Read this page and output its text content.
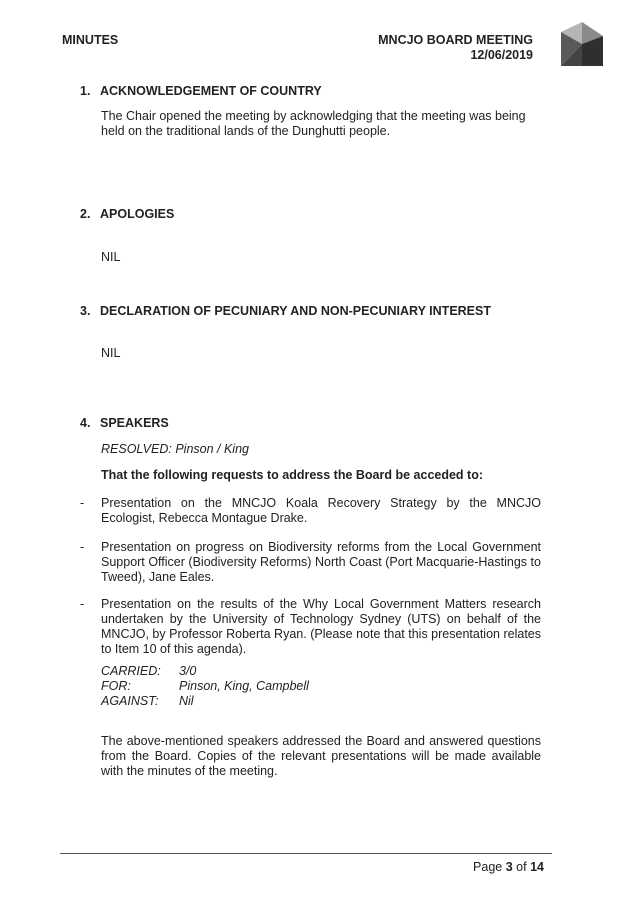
MINUTES	MNCJO BOARD MEETING
12/06/2019
1. ACKNOWLEDGEMENT OF COUNTRY
The Chair opened the meeting by acknowledging that the meeting was being held on the traditional lands of the Dunghutti people.
2. APOLOGIES
NIL
3. DECLARATION OF PECUNIARY AND NON-PECUNIARY INTEREST
NIL
4. SPEAKERS
RESOLVED: Pinson / King
That the following requests to address the Board be acceded to:
- Presentation on the MNCJO Koala Recovery Strategy by the MNCJO Ecologist, Rebecca Montague Drake.
- Presentation on progress on Biodiversity reforms from the Local Government Support Officer (Biodiversity Reforms) North Coast (Port Macquarie-Hastings to Tweed), Jane Eales.
- Presentation on the results of the Why Local Government Matters research undertaken by the University of Technology Sydney (UTS) on behalf of the MNCJO, by Professor Roberta Ryan. (Please note that this presentation relates to Item 10 of this agenda).
CARRIED: 3/0
FOR:	Pinson, King, Campbell
AGAINST: Nil
The above-mentioned speakers addressed the Board and answered questions from the Board. Copies of the relevant presentations will be made available with the minutes of the meeting.
Page 3 of 14
